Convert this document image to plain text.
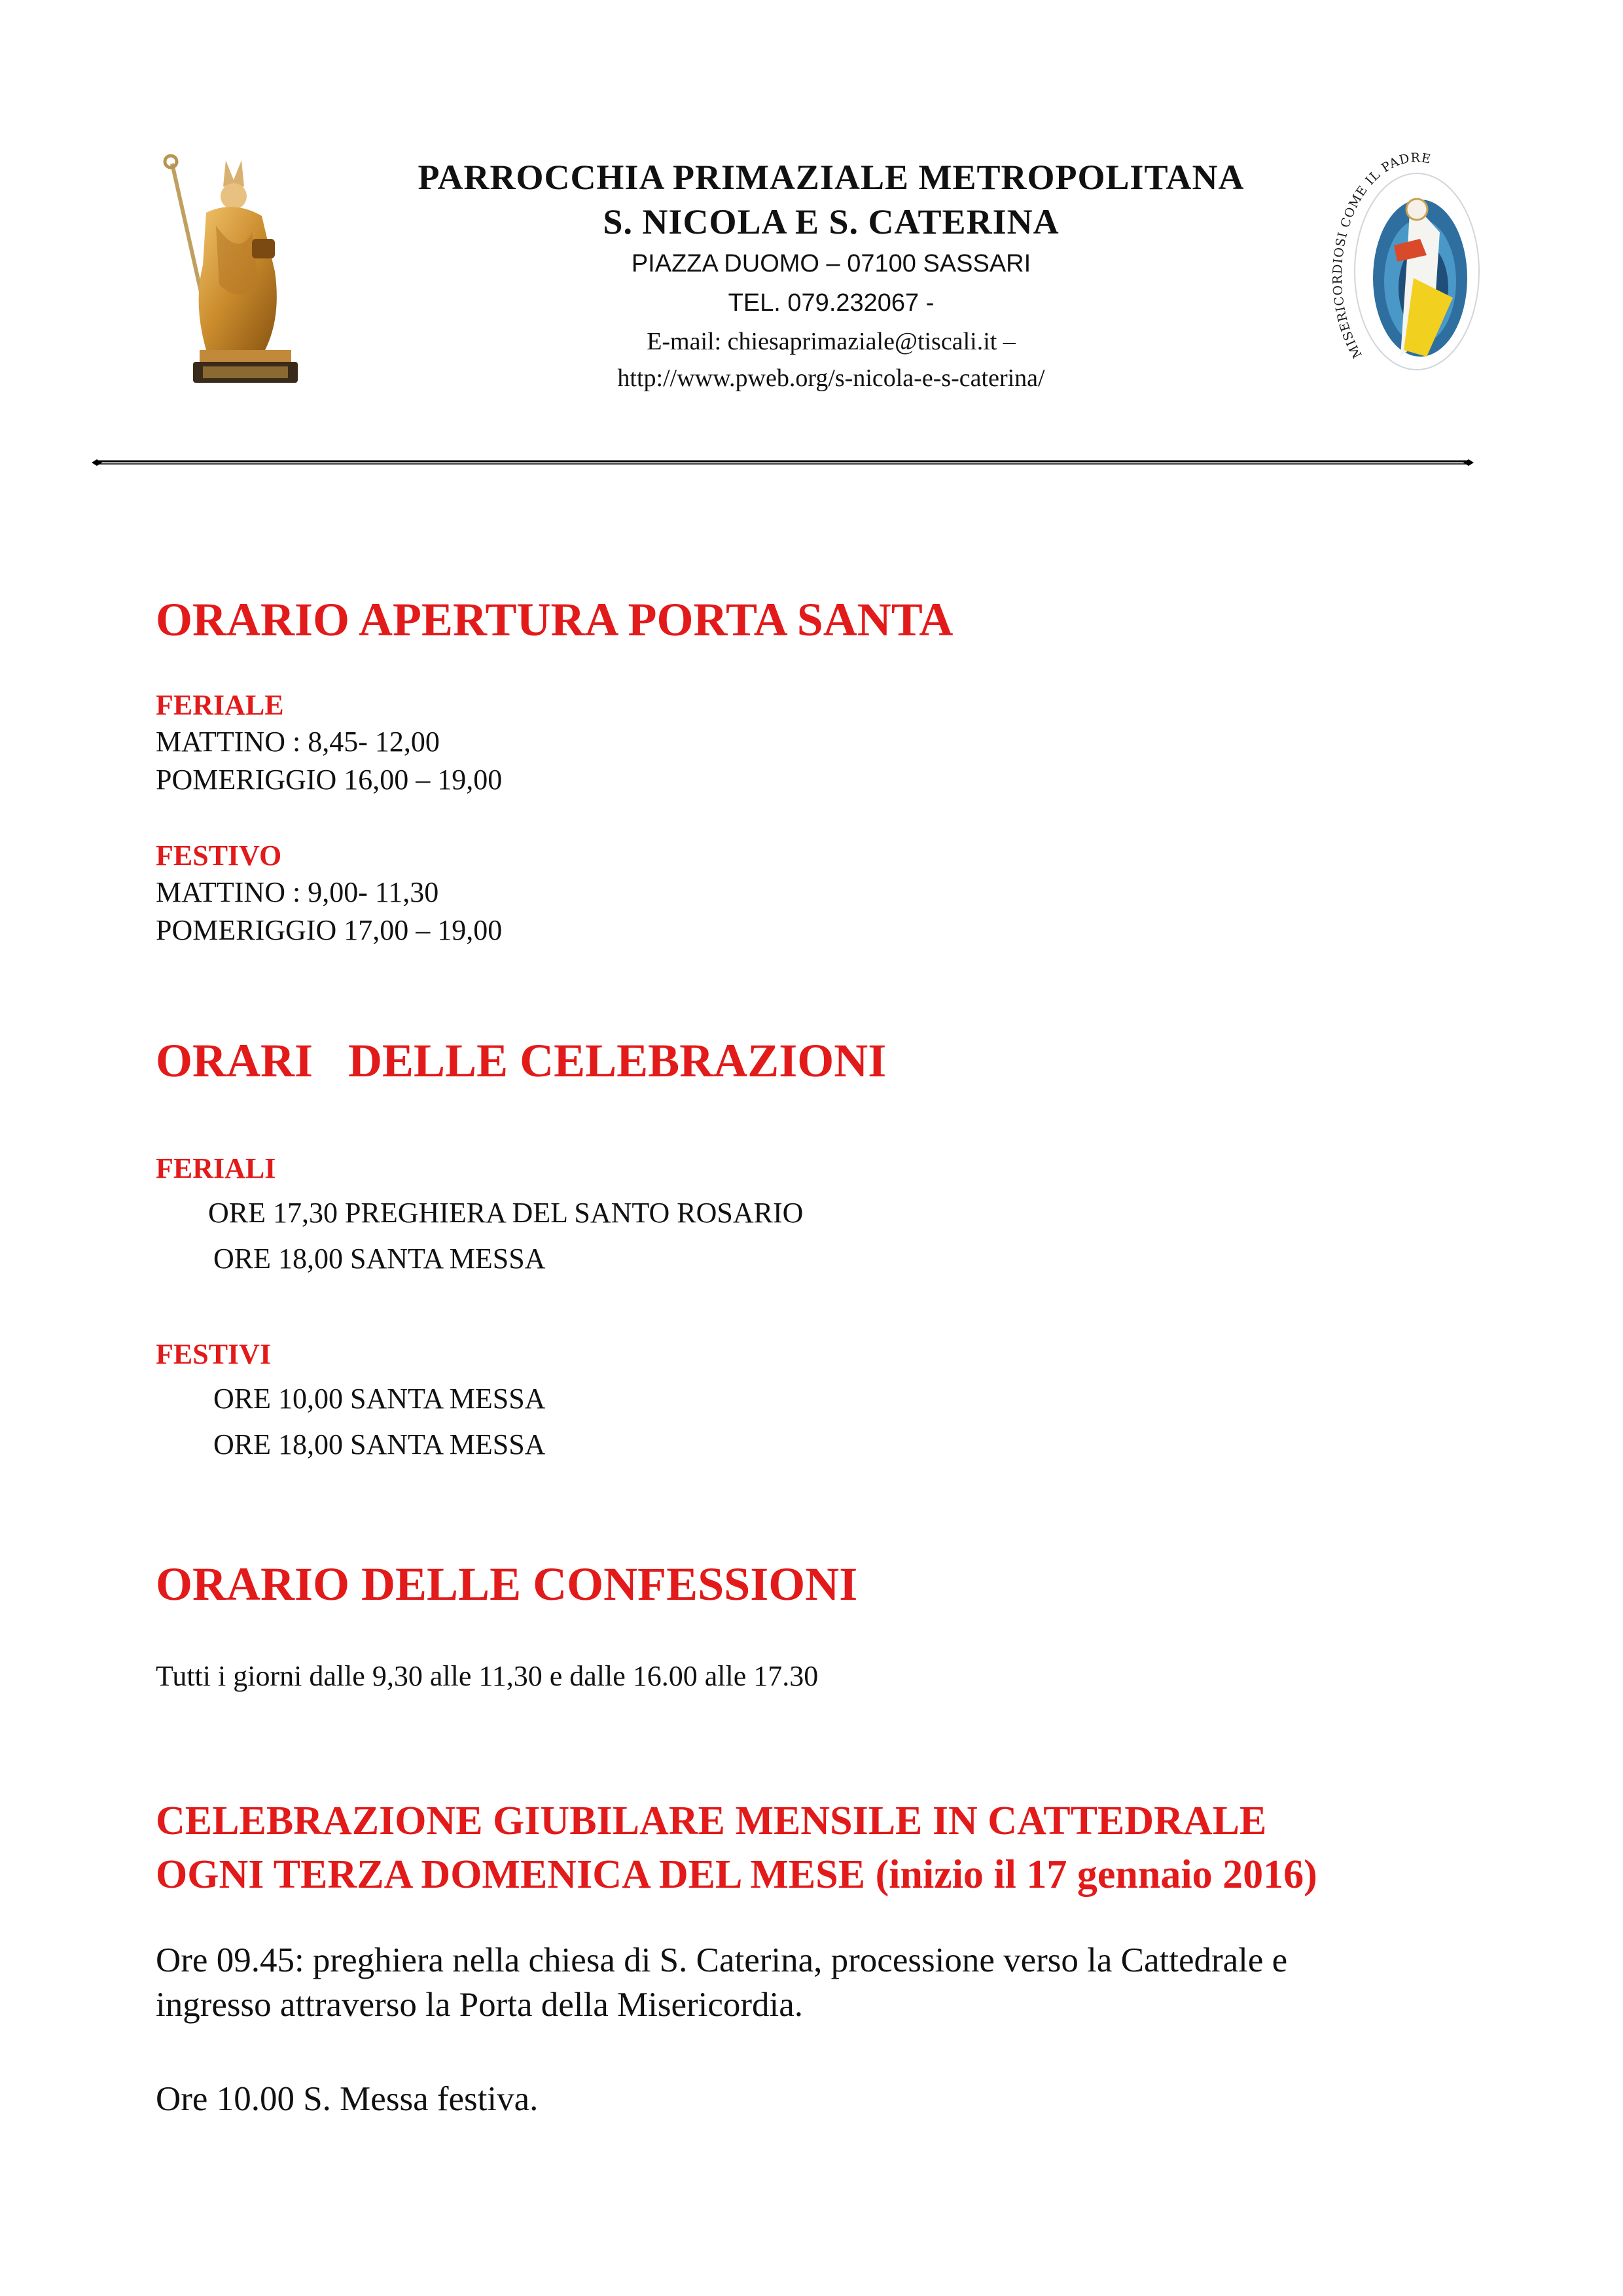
PARROCCHIA PRIMAZIALE METROPOLITANA
S. NICOLA E S. CATERINA
PIAZZA DUOMO – 07100 SASSARI
TEL. 079.232067 -
E-mail: chiesaprimaziale@tiscali.it –
http://www.pweb.org/s-nicola-e-s-caterina/
MISERICORDIOSI COME IL PADRE
ORARIO APERTURA PORTA SANTA
FERIALE
MATTINO : 8,45- 12,00
POMERIGGIO 16,00 – 19,00
FESTIVO
MATTINO : 9,00- 11,30
POMERIGGIO 17,00 – 19,00
ORARI   DELLE CELEBRAZIONI
FERIALI
ORE 17,30 PREGHIERA DEL SANTO ROSARIO
ORE 18,00 SANTA MESSA
FESTIVI
ORE 10,00 SANTA MESSA
ORE 18,00 SANTA MESSA
ORARIO DELLE CONFESSIONI
Tutti i giorni dalle 9,30 alle 11,30 e dalle 16.00 alle 17.30
CELEBRAZIONE GIUBILARE MENSILE IN CATTEDRALE
OGNI TERZA DOMENICA DEL MESE (inizio il 17 gennaio 2016)
Ore 09.45: preghiera nella chiesa di S. Caterina, processione verso la Cattedrale e
ingresso attraverso la Porta della Misericordia.
Ore 10.00 S. Messa festiva.
